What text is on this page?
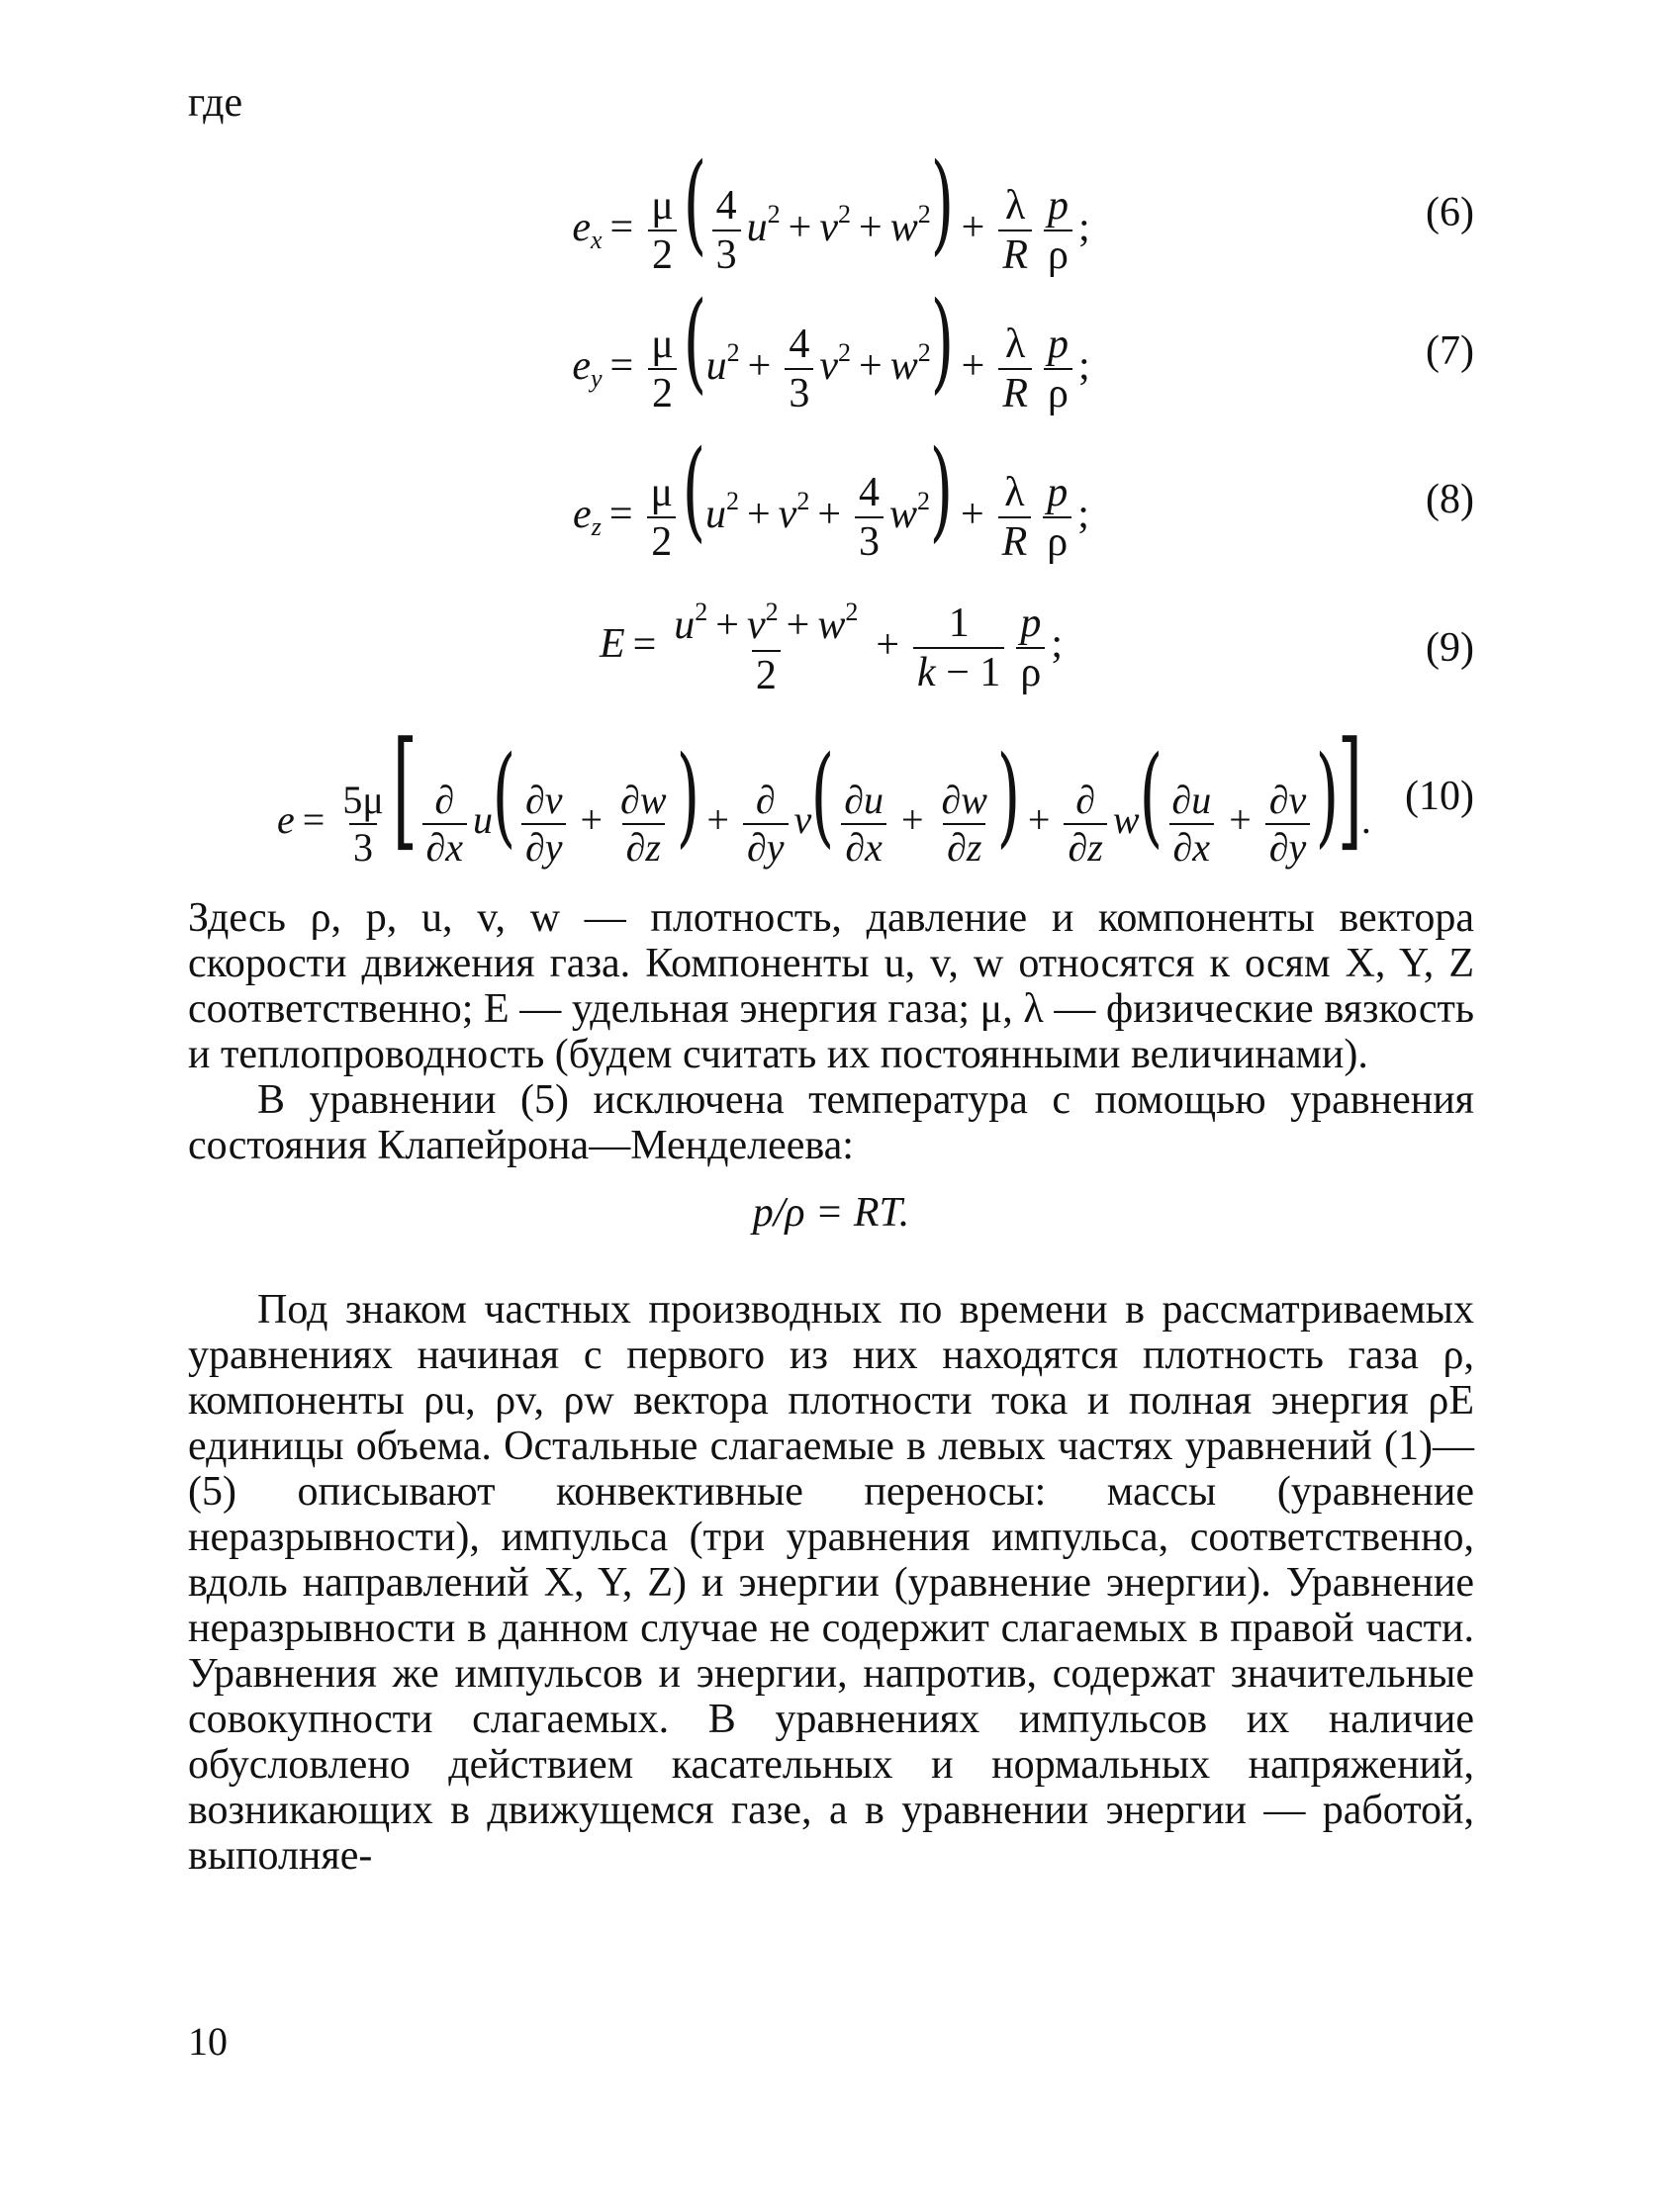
где
$e_x = \frac{\mu}{2}$ ( $\frac{4}{3} u^2 + v^2 + w^2) + \frac{\lambda}{R} \frac{p}{\rho}$ ;	(6)
$e_y = \frac{\mu}{2} (u^2 + \frac{4}{3} v^2 + w^2) + \frac{\lambda}{R} \frac{p}{\rho}$ ;	(7)
$e_z = \frac{\mu}{2} (u^2 + v^2 + \frac{4}{3} w^2) + \frac{\lambda}{R} \frac{p}{\rho}$ ;	(8)
$E = \frac{u^2 + v^2 + w^2}{2} + \frac{1}{k - 1} \frac{p}{\rho}$ ;	(9)
$e = \frac{5\mu}{3}$ [ $\frac{\partial}{\partial x} u( \frac{\partial v}{\partial y} + \frac{\partial w}{\partial z}$ ) + $\frac{\partial}{\partial y} v( \frac{\partial u}{\partial x} + \frac{\partial w}{\partial z}$ ) + $\frac{\partial}{\partial z} w( \frac{\partial u}{\partial x} + \frac{\partial v}{\partial y}$ )].
(10)

Здесь ρ, p, u, v, w — плотность, давление и компоненты вектора скорости движения газа. Компоненты u, v, w относятся к осям X, Y, Z соответственно; E — удельная энергия газа; μ, λ — физические вязкость и теплопроводность (будем считать их постоянными величинами).

В уравнении (5) исключена температура с помощью уравнения состояния Клапейрона—Менделеева:

p/ρ = RT.

Под знаком частных производных по времени в рассматриваемых уравнениях начиная с первого из них находятся плотность газа ρ, компоненты ρu, ρv, ρw вектора плотности тока и полная энергия ρE единицы объема. Остальные слагаемые в левых частях уравнений (1)—(5) описывают конвективные переносы: массы (уравнение неразрывности), импульса (три уравнения импульса, соответственно, вдоль направлений X, Y, Z) и энергии (уравнение энергии). Уравнение неразрывности в данном случае не содержит слагаемых в правой части. Уравнения же импульсов и энергии, напротив, содержат значительные совокупности слагаемых. В уравнениях импульсов их наличие обусловлено действием касательных и нормальных напряжений, возникающих в движущемся газе, а в уравнении энергии — работой, выполняе-

10
